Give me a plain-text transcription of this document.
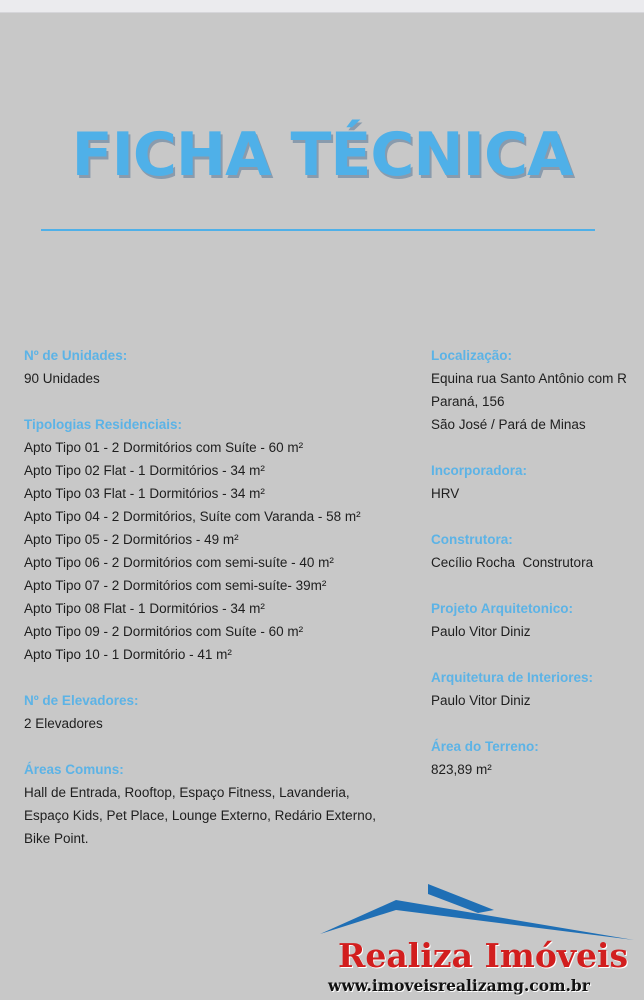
FICHA TÉCNICA
Nº de Unidades:
90 Unidades
Tipologias Residenciais:
Apto Tipo 01 - 2 Dormitórios com Suíte - 60 m²
Apto Tipo 02 Flat - 1 Dormitórios - 34 m²
Apto Tipo 03 Flat - 1 Dormitórios - 34 m²
Apto Tipo 04 - 2 Dormitórios, Suíte com Varanda - 58 m²
Apto Tipo 05 - 2 Dormitórios - 49 m²
Apto Tipo 06 - 2 Dormitórios com semi-suíte - 40 m²
Apto Tipo 07 - 2 Dormitórios com semi-suíte- 39m²
Apto Tipo 08 Flat - 1 Dormitórios - 34 m²
Apto Tipo 09 - 2 Dormitórios com Suíte - 60 m²
Apto Tipo 10 - 1 Dormitório - 41 m²
Nº de Elevadores:
2 Elevadores
Áreas Comuns:
Hall de Entrada, Rooftop, Espaço Fitness, Lavanderia,
Espaço Kids, Pet Place, Lounge Externo, Redário Externo,
Bike Point.
Localização:
Equina rua Santo Antônio com R
Paraná, 156
São José / Pará de Minas
Incorporadora:
HRV
Construtora:
Cecílio Rocha  Construtora
Projeto Arquitetonico:
Paulo Vitor Diniz
Arquitetura de Interiores:
Paulo Vitor Diniz
Área do Terreno:
823,89 m²
Realiza Imóveis
www.imoveisrealizamg.com.br
